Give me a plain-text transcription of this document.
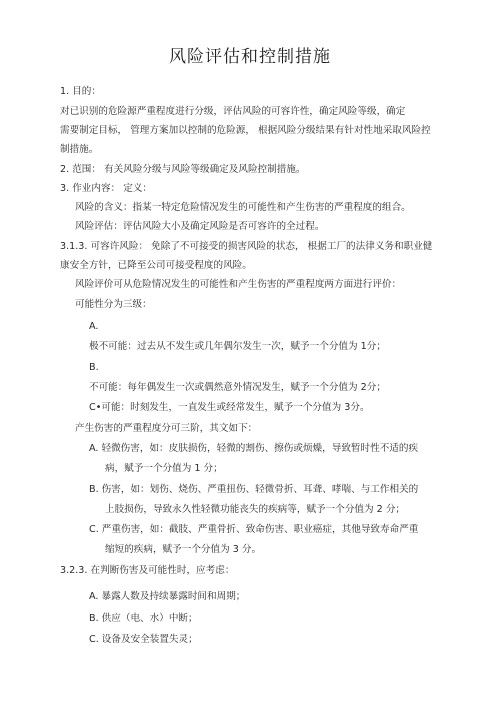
风险评估和控制措施
1. 目的：
对已识别的危险源严重程度进行分级，评估风险的可容许性，确定风险等级，确定
需要制定目标， 管理方案加以控制的危险源， 根据风险分级结果有针对性地采取风险控
制措施。
2. 范围： 有关风险分级与风险等级确定及风险控制措施。
3. 作业内容： 定义：
风险的含义：指某一特定危险情况发生的可能性和产生伤害的严重程度的组合。
风险评估：评估风险大小及确定风险是否可容许的全过程。
3.1.3. 可容许风险： 免除了不可接受的损害风险的状态， 根据工厂的法律义务和职业健
康安全方针，已降至公司可接受程度的风险。
风险评价可从危险情况发生的可能性和产生伤害的严重程度两方面进行评价：
可能性分为三级：
A.
极不可能：过去从不发生或几年偶尔发生一次，赋予一个分值为 1分；
B.
不可能：每年偶发生一次或偶然意外情况发生，赋予一个分值为 2分；
C•可能：时刻发生，一直发生或经常发生，赋予一个分值为 3分。
产生伤害的严重程度分可三阶，其文如下：
A. 轻微伤害，如：皮肤损伤，轻微的割伤、擦伤或烦燥，导致暂时性不适的疾
病，赋予一个分值为 1 分；
B. 伤害，如：划伤、烧伤、严重扭伤、轻微骨折、耳聋、哮喘、与工作相关的
上肢损伤，导致永久性轻微功能丧失的疾病等，赋予一个分值为 2 分；
C. 严重伤害，如：截肢、严重骨折、致命伤害、职业癌症，其他导致寿命严重
缩短的疾病，赋予一个分值为 3 分。
3.2.3. 在判断伤害及可能性时，应考虑：
A. 暴露人数及持续暴露时间和周期；
B. 供应（电、水）中断；
C. 设备及安全装置失灵；
